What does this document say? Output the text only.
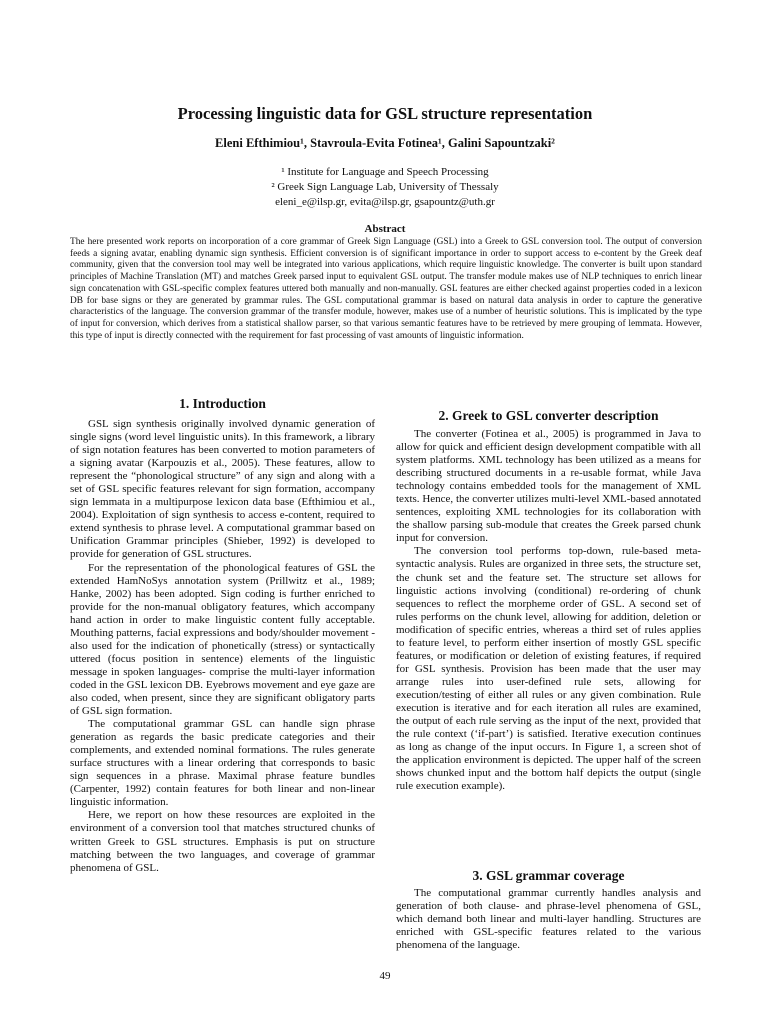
Processing linguistic data for GSL structure representation
Eleni Efthimiou¹, Stavroula-Evita Fotinea¹, Galini Sapountzaki²
¹ Institute for Language and Speech Processing
² Greek Sign Language Lab, University of Thessaly
eleni_e@ilsp.gr, evita@ilsp.gr, gsapountz@uth.gr
Abstract
The here presented work reports on incorporation of a core grammar of Greek Sign Language (GSL) into a Greek to GSL conversion tool. The output of conversion feeds a signing avatar, enabling dynamic sign synthesis. Efficient conversion is of significant importance in order to support access to e-content by the Greek deaf community, given that the conversion tool may well be integrated into various applications, which require linguistic knowledge. The converter is built upon standard principles of Machine Translation (MT) and matches Greek parsed input to equivalent GSL output. The transfer module makes use of NLP techniques to enrich linear sign concatenation with GSL-specific complex features uttered both manually and non-manually. GSL features are either checked against properties coded in a lexicon DB for base signs or they are generated by grammar rules. The GSL computational grammar is based on natural data analysis in order to capture the generative characteristics of the language. The conversion grammar of the transfer module, however, makes use of a number of heuristic solutions. This is implicated by the type of input for conversion, which derives from a statistical shallow parser, so that various semantic features have to be retrieved by mere grouping of lemmata. However, this type of input is directly connected with the requirement for fast processing of vast amounts of linguistic information.
1. Introduction

GSL sign synthesis originally involved dynamic generation of single signs (word level linguistic units). In this framework, a library of sign notation features has been converted to motion parameters of a signing avatar (Karpouzis et al., 2005). These features, allow to represent the “phonological structure” of any sign and along with a set of GSL specific features relevant for sign formation, accompany sign lemmata in a multipurpose lexicon data base (Efthimiou et al., 2004). Exploitation of sign synthesis to access e-content, required to extend synthesis to phrase level. A computational grammar based on Unification Grammar principles (Shieber, 1992) is developed to provide for generation of GSL structures.

For the representation of the phonological features of GSL the extended HamNoSys annotation system (Prillwitz et al., 1989; Hanke, 2002) has been adopted. Sign coding is further enriched to provide for the non-manual obligatory features, which accompany hand action in order to make linguistic content fully acceptable. Mouthing patterns, facial expressions and body/shoulder movement -also used for the indication of phonetically (stress) or syntactically uttered (focus position in sentence) elements of the linguistic message in spoken languages- comprise the multi-layer information coded in the GSL lexicon DB. Eyebrows movement and eye gaze are also coded, when present, since they are significant obligatory parts of GSL sign formation.

The computational grammar GSL can handle sign phrase generation as regards the basic predicate categories and their complements, and extended nominal formations. The rules generate surface structures with a linear ordering that corresponds to basic sign sequences in a phrase. Maximal phrase feature bundles (Carpenter, 1992) contain features for both linear and non-linear linguistic information.

Here, we report on how these resources are exploited in the environment of a conversion tool that matches structured chunks of written Greek to GSL structures. Emphasis is put on structure matching between the two languages, and coverage of grammar phenomena of GSL.

2. Greek to GSL converter description

The converter (Fotinea et al., 2005) is programmed in Java to allow for quick and efficient design development compatible with all system platforms. XML technology has been utilized as a means for describing structured documents in a re-usable format, while Java technology contains embedded tools for the management of XML texts. Hence, the converter utilizes multi-level XML-based annotated sentences, exploiting XML technologies for its collaboration with the shallow parsing sub-module that creates the Greek parsed chunk input for conversion.

The conversion tool performs top-down, rule-based meta-syntactic analysis. Rules are organized in three sets, the structure set, the chunk set and the feature set. The structure set allows for linguistic actions involving (conditional) re-ordering of chunk sequences to reflect the morpheme order of GSL. A second set of rules performs on the chunk level, allowing for addition, deletion or modification of specific entries, whereas a third set of rules applies to feature level, to perform either insertion of mostly GSL specific features, or modification or deletion of existing features, if required for GSL synthesis. Provision has been made that the user may arrange rules into user-defined rule sets, allowing for execution/testing of either all rules or any given combination. Rule execution is iterative and for each iteration all rules are examined, the output of each rule serving as the input of the next, provided that the rule context (‘if-part’) is satisfied. Iterative execution continues as long as change of the input occurs. In Figure 1, a screen shot of the application environment is depicted. The upper half of the screen shows chunked input and the bottom half depicts the output (single rule execution example).

3. GSL grammar coverage

The computational grammar currently handles analysis and generation of both clause- and phrase-level phenomena of GSL, which demand both linear and multi-layer handling. Structures are enriched with GSL-specific features related to the various phenomena of the language.

49
